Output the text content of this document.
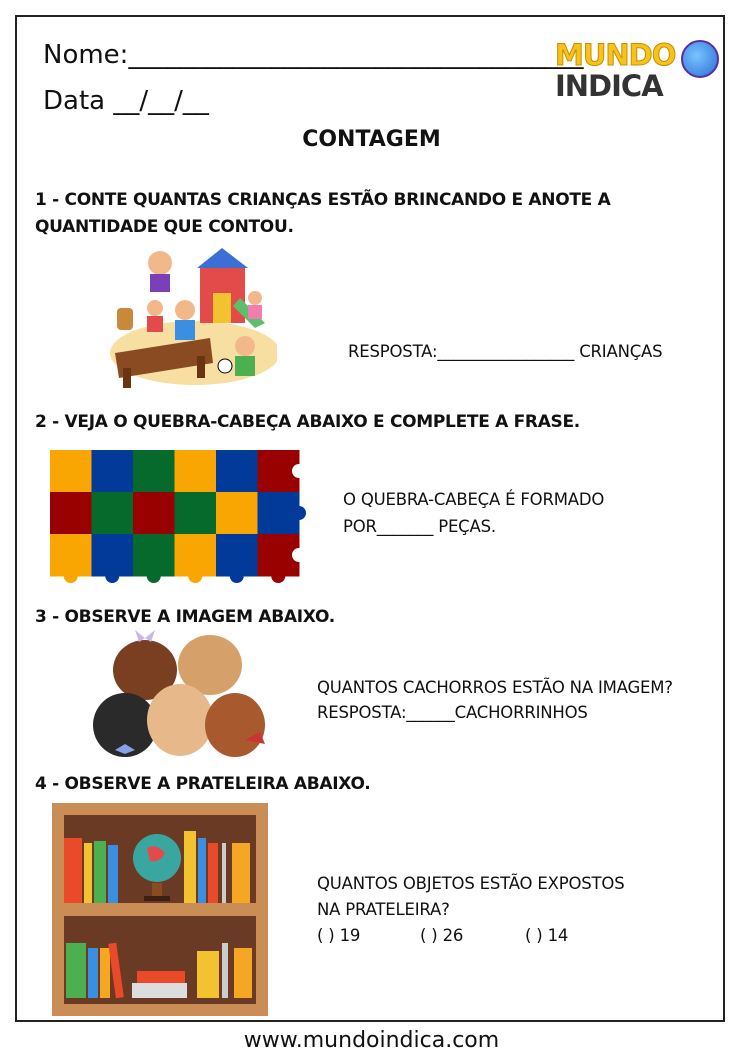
Nome:___________________________________
Data __/__/__
MUNDO
INDICA
CONTAGEM
1 - CONTE QUANTAS CRIANÇAS ESTÃO BRINCANDO E ANOTE A
QUANTIDADE QUE CONTOU.
RESPOSTA:_________________ CRIANÇAS
2 - VEJA O QUEBRA-CABEÇA ABAIXO E COMPLETE A FRASE.
O QUEBRA-CABEÇA É FORMADO
POR_______ PEÇAS.
3 - OBSERVE A IMAGEM ABAIXO.
QUANTOS CACHORROS ESTÃO NA IMAGEM?
RESPOSTA:______CACHORRINHOS
4 - OBSERVE A PRATELEIRA ABAIXO.
QUANTOS OBJETOS ESTÃO EXPOSTOS
NA PRATELEIRA?
( ) 19	( ) 26	( ) 14
www.mundoindica.com
